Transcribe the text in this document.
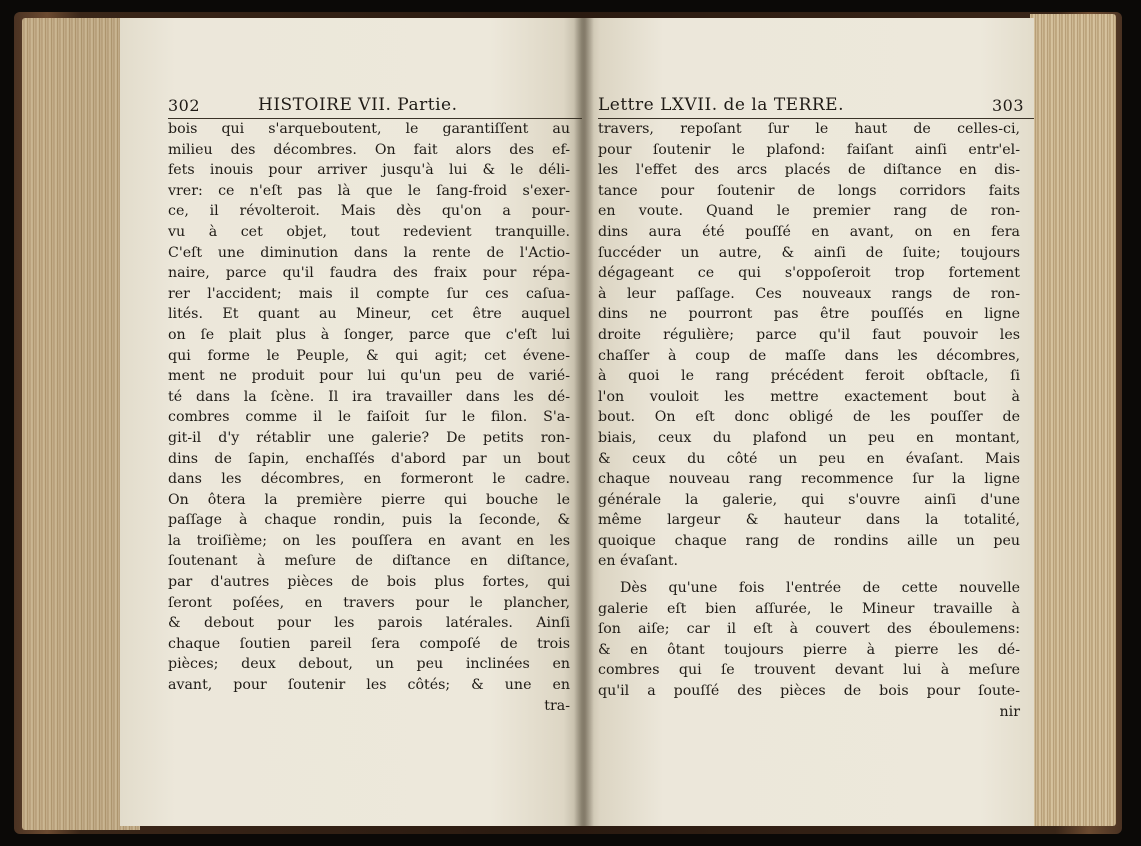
302	HISTOIRE VII. Partie.
bois qui s'arqueboutent, le garantiſſent au
milieu des décombres. On fait alors des ef-
fets inouis pour arriver jusqu'à lui & le déli-
vrer: ce n'eſt pas là que le ſang-froid s'exer-
ce, il révolteroit. Mais dès qu'on a pour-
vu à cet objet, tout redevient tranquille.
C'eſt une diminution dans la rente de l'Actio-
naire, parce qu'il faudra des fraix pour répa-
rer l'accident; mais il compte ſur ces caſua-
lités. Et quant au Mineur, cet être auquel
on ſe plait plus à ſonger, parce que c'eſt lui
qui forme le Peuple, & qui agit; cet évene-
ment ne produit pour lui qu'un peu de varié-
té dans la ſcène. Il ira travailler dans les dé-
combres comme il le faiſoit ſur le filon. S'a-
git-il d'y rétablir une galerie? De petits ron-
dins de ſapin, enchaſſés d'abord par un bout
dans les décombres, en formeront le cadre.
On ôtera la première pierre qui bouche le
paſſage à chaque rondin, puis la ſeconde, &
la troiſième; on les pouſſera en avant en les
ſoutenant à meſure de diſtance en diſtance,
par d'autres pièces de bois plus fortes, qui
ſeront poſées, en travers pour le plancher,
& debout pour les parois latérales. Ainſi
chaque ſoutien pareil ſera compoſé de trois
pièces; deux debout, un peu inclinées en
avant, pour ſoutenir les côtés; & une en
tra-
Lettre LXVII. de la TERRE.	303
travers, repoſant ſur le haut de celles-ci,
pour ſoutenir le plafond: faiſant ainſi entr'el-
les l'effet des arcs placés de diſtance en dis-
tance pour ſoutenir de longs corridors faits
en voute. Quand le premier rang de ron-
dins aura été pouſſé en avant, on en fera
ſuccéder un autre, & ainſi de ſuite; toujours
dégageant ce qui s'oppoſeroit trop fortement
à leur paſſage. Ces nouveaux rangs de ron-
dins ne pourront pas être pouſſés en ligne
droite régulière; parce qu'il faut pouvoir les
chaſſer à coup de maſſe dans les décombres,
à quoi le rang précédent feroit obſtacle, ſi
l'on vouloit les mettre exactement bout à
bout. On eſt donc obligé de les pouſſer de
biais, ceux du plafond un peu en montant,
& ceux du côté un peu en évaſant. Mais
chaque nouveau rang recommence ſur la ligne
générale la galerie, qui s'ouvre ainſi d'une
même largeur & hauteur dans la totalité,
quoique chaque rang de rondins aille un peu
en évaſant.
Dès qu'une fois l'entrée de cette nouvelle
galerie eſt bien aſſurée, le Mineur travaille à
ſon aiſe; car il eſt à couvert des éboulemens:
& en ôtant toujours pierre à pierre les dé-
combres qui ſe trouvent devant lui à meſure
qu'il a pouſſé des pièces de bois pour ſoute-
nir
